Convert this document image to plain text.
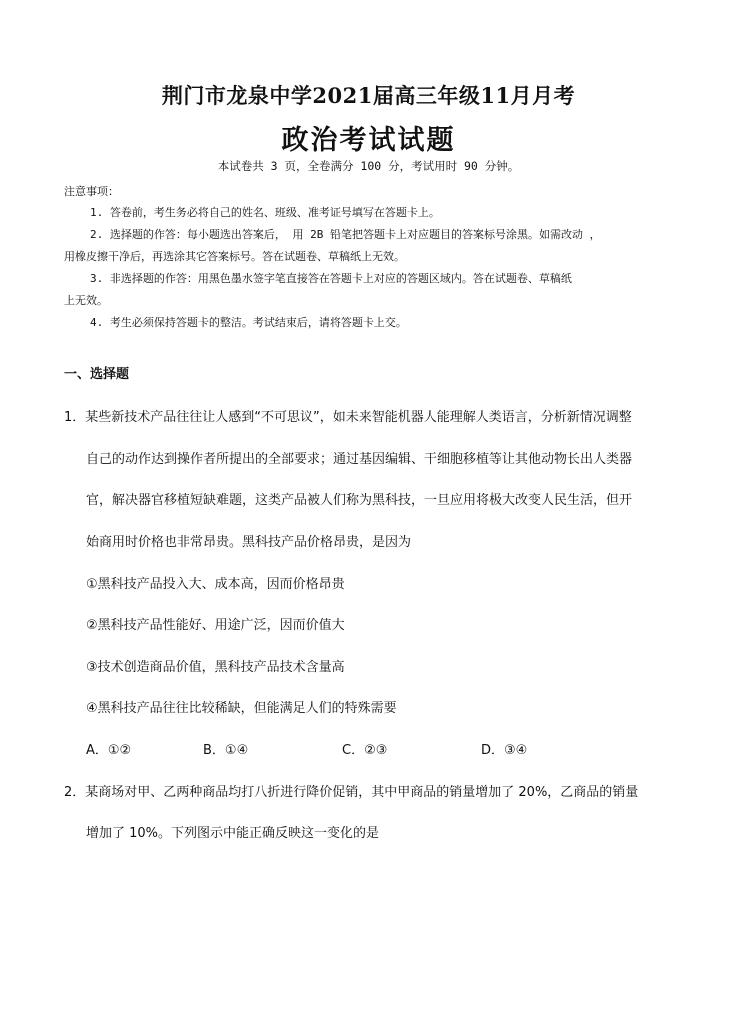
荆门市龙泉中学2021届高三年级11月月考
政治考试试题
本试卷共 3 页，全卷满分 100 分，考试用时 90 分钟。
注意事项：
1. 答卷前，考生务必将自己的姓名、班级、准考证号填写在答题卡上。
2. 选择题的作答：每小题选出答案后， 用 2B 铅笔把答题卡上对应题目的答案标号涂黑。如需改动 ，
用橡皮擦干净后，再选涂其它答案标号。答在试题卷、草稿纸上无效。
3. 非选择题的作答：用黑色墨水签字笔直接答在答题卡上对应的答题区域内。答在试题卷、草稿纸
上无效。
4. 考生必须保持答题卡的整洁。考试结束后，请将答题卡上交。
一、选择题
1．某些新技术产品往往让人感到“不可思议”，如未来智能机器人能理解人类语言，分析新情况调整
自己的动作达到操作者所提出的全部要求；通过基因编辑、干细胞移植等让其他动物长出人类器
官，解决器官移植短缺难题，这类产品被人们称为黑科技，一旦应用将极大改变人民生活，但开
始商用时价格也非常昂贵。黑科技产品价格昂贵，是因为
①黑科技产品投入大、成本高，因而价格昂贵
②黑科技产品性能好、用途广泛，因而价值大
③技术创造商品价值，黑科技产品技术含量高
④黑科技产品往往比较稀缺，但能满足人们的特殊需要
A．①②	B．①④	C．②③	D．③④
2．某商场对甲、乙两种商品均打八折进行降价促销，其中甲商品的销量增加了 20%，乙商品的销量
增加了 10%。下列图示中能正确反映这一变化的是
